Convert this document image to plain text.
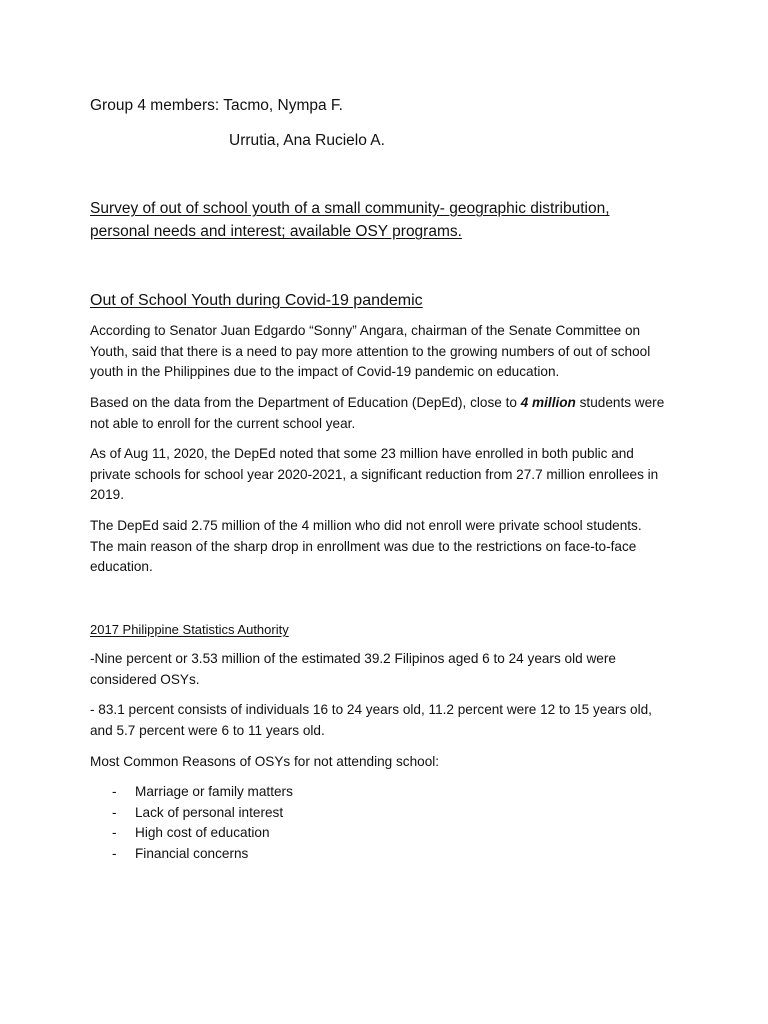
Group 4 members: Tacmo, Nympa F.
Urrutia, Ana Rucielo A.
Survey of out of school youth of a small community- geographic distribution,
personal needs and interest; available OSY programs.
Out of School Youth during Covid-19 pandemic
According to Senator Juan Edgardo “Sonny” Angara, chairman of the Senate Committee on
Youth, said that there is a need to pay more attention to the growing numbers of out of school
youth in the Philippines due to the impact of Covid-19 pandemic on education.
Based on the data from the Department of Education (DepEd), close to 4 million students were
not able to enroll for the current school year.
As of Aug 11, 2020, the DepEd noted that some 23 million have enrolled in both public and
private schools for school year 2020-2021, a significant reduction from 27.7 million enrollees in
2019.
The DepEd said 2.75 million of the 4 million who did not enroll were private school students.
The main reason of the sharp drop in enrollment was due to the restrictions on face-to-face
education.
2017 Philippine Statistics Authority
-Nine percent or 3.53 million of the estimated 39.2 Filipinos aged 6 to 24 years old were
considered OSYs.
- 83.1 percent consists of individuals 16 to 24 years old, 11.2 percent were 12 to 15 years old,
and 5.7 percent were 6 to 11 years old.
Most Common Reasons of OSYs for not attending school:
- Marriage or family matters
- Lack of personal interest
- High cost of education
- Financial concerns
